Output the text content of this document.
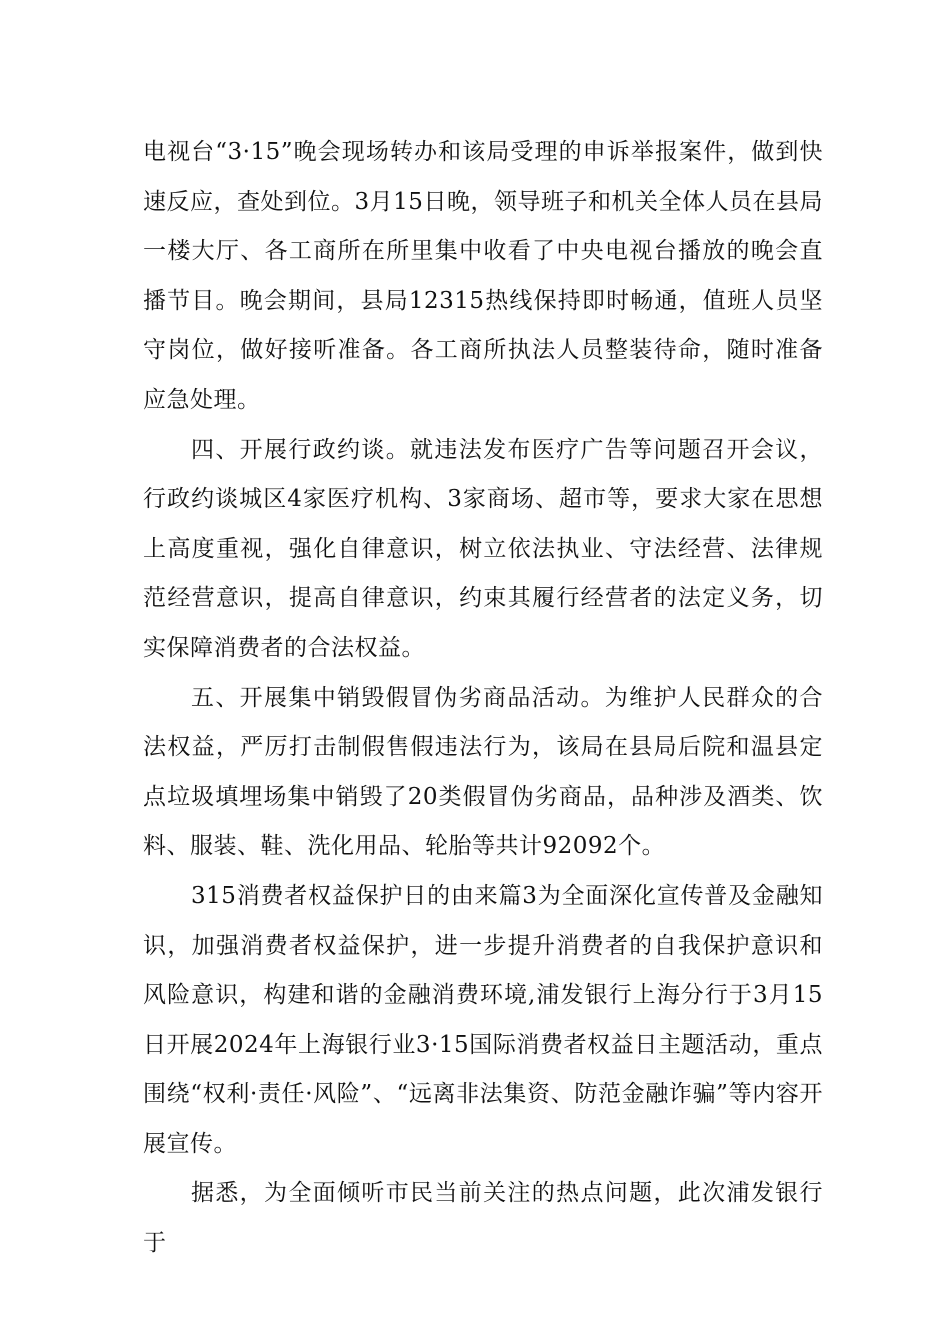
电视台“3·15”晚会现场转办和该局受理的申诉举报案件，做到快速反应，查处到位。3月15日晚，领导班子和机关全体人员在县局一楼大厅、各工商所在所里集中收看了中央电视台播放的晚会直播节目。晚会期间，县局12315热线保持即时畅通，值班人员坚守岗位，做好接听准备。各工商所执法人员整装待命，随时准备应急处理。

四、开展行政约谈。就违法发布医疗广告等问题召开会议，行政约谈城区4家医疗机构、3家商场、超市等，要求大家在思想上高度重视，强化自律意识，树立依法执业、守法经营、法律规范经营意识，提高自律意识，约束其履行经营者的法定义务，切实保障消费者的合法权益。

五、开展集中销毁假冒伪劣商品活动。为维护人民群众的合法权益，严厉打击制假售假违法行为，该局在县局后院和温县定点垃圾填埋场集中销毁了20类假冒伪劣商品，品种涉及酒类、饮料、服装、鞋、洗化用品、轮胎等共计92092个。

315消费者权益保护日的由来篇3为全面深化宣传普及金融知识，加强消费者权益保护，进一步提升消费者的自我保护意识和风险意识，构建和谐的金融消费环境,浦发银行上海分行于3月15日开展2024年上海银行业3·15国际消费者权益日主题活动，重点围绕“权利·责任·风险”、“远离非法集资、防范金融诈骗”等内容开展宣传。

据悉，为全面倾听市民当前关注的热点问题，此次浦发银行于
